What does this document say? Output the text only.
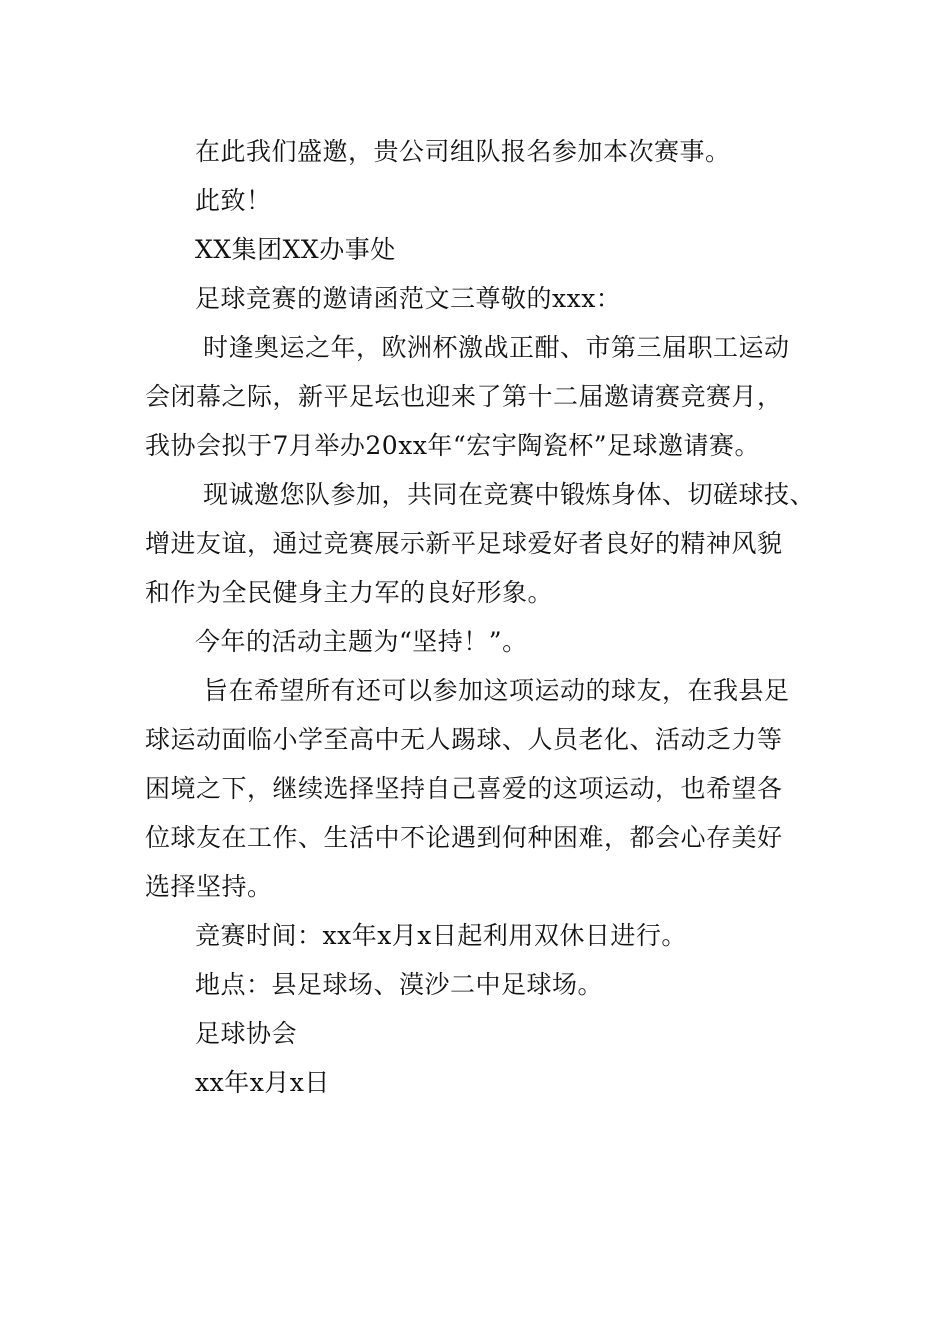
在此我们盛邀，贵公司组队报名参加本次赛事。

此致！

XX集团XX办事处

足球竞赛的邀请函范文三尊敬的xxx：

时逢奥运之年，欧洲杯激战正酣、市第三届职工运动
会闭幕之际，新平足坛也迎来了第十二届邀请赛竞赛月，
我协会拟于7月举办20xx年“宏宇陶瓷杯”足球邀请赛。
现诚邀您队参加，共同在竞赛中锻炼身体、切磋球技、
增进友谊，通过竞赛展示新平足球爱好者良好的精神风貌
和作为全民健身主力军的良好形象。

今年的活动主题为“坚持！”。

旨在希望所有还可以参加这项运动的球友，在我县足
球运动面临小学至高中无人踢球、人员老化、活动乏力等
困境之下，继续选择坚持自己喜爱的这项运动，也希望各
位球友在工作、生活中不论遇到何种困难，都会心存美好
选择坚持。

竞赛时间：xx年x月x日起利用双休日进行。

地点：县足球场、漠沙二中足球场。

足球协会

xx年x月x日
